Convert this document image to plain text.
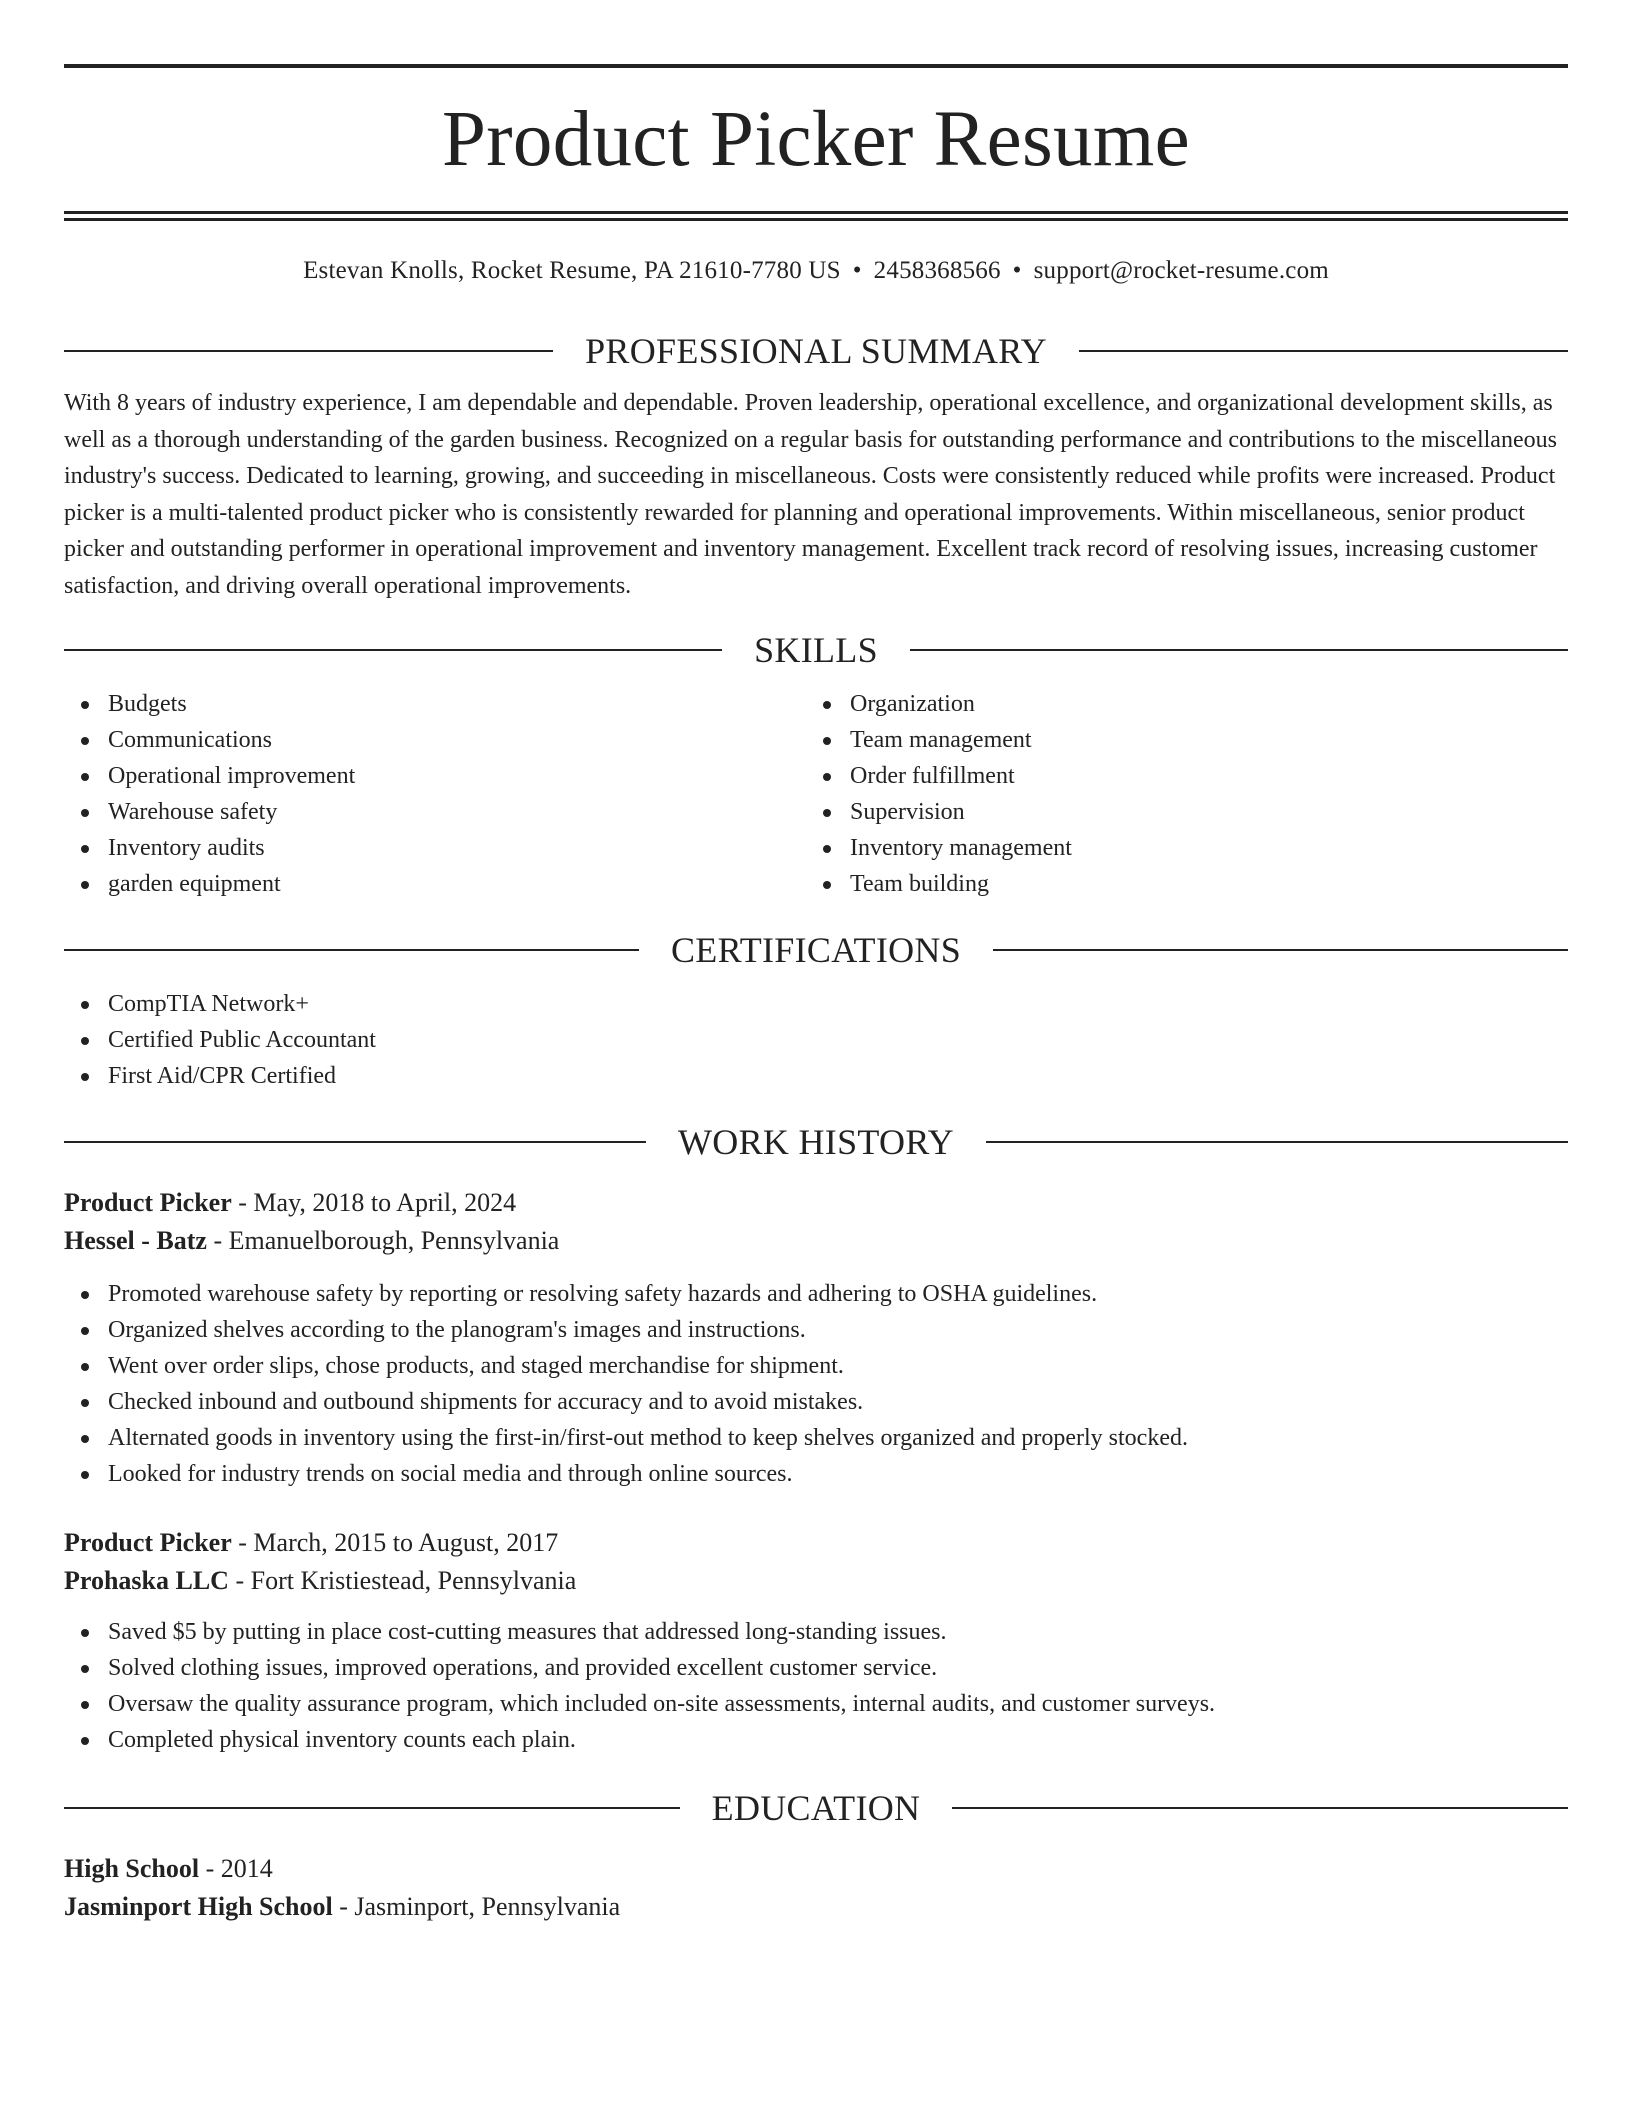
Product Picker Resume
Estevan Knolls, Rocket Resume, PA 21610-7780 US • 2458368566 • support@rocket-resume.com
PROFESSIONAL SUMMARY

With 8 years of industry experience, I am dependable and dependable. Proven leadership, operational excellence, and organizational development skills, as well as a thorough understanding of the garden business. Recognized on a regular basis for outstanding performance and contributions to the miscellaneous industry's success. Dedicated to learning, growing, and succeeding in miscellaneous. Costs were consistently reduced while profits were increased. Product picker is a multi-talented product picker who is consistently rewarded for planning and operational improvements. Within miscellaneous, senior product picker and outstanding performer in operational improvement and inventory management. Excellent track record of resolving issues, increasing customer satisfaction, and driving overall operational improvements.

SKILLS
Budgets
Communications
Operational improvement
Warehouse safety
Inventory audits
garden equipment
Organization
Team management
Order fulfillment
Supervision
Inventory management
Team building
CERTIFICATIONS
CompTIA Network+
Certified Public Accountant
First Aid/CPR Certified
WORK HISTORY
Product Picker - May, 2018 to April, 2024
Hessel - Batz - Emanuelborough, Pennsylvania
Promoted warehouse safety by reporting or resolving safety hazards and adhering to OSHA guidelines.
Organized shelves according to the planogram's images and instructions.
Went over order slips, chose products, and staged merchandise for shipment.
Checked inbound and outbound shipments for accuracy and to avoid mistakes.
Alternated goods in inventory using the first-in/first-out method to keep shelves organized and properly stocked.
Looked for industry trends on social media and through online sources.
Product Picker - March, 2015 to August, 2017
Prohaska LLC - Fort Kristiestead, Pennsylvania
Saved $5 by putting in place cost-cutting measures that addressed long-standing issues.
Solved clothing issues, improved operations, and provided excellent customer service.
Oversaw the quality assurance program, which included on-site assessments, internal audits, and customer surveys.
Completed physical inventory counts each plain.
EDUCATION
High School - 2014
Jasminport High School - Jasminport, Pennsylvania
